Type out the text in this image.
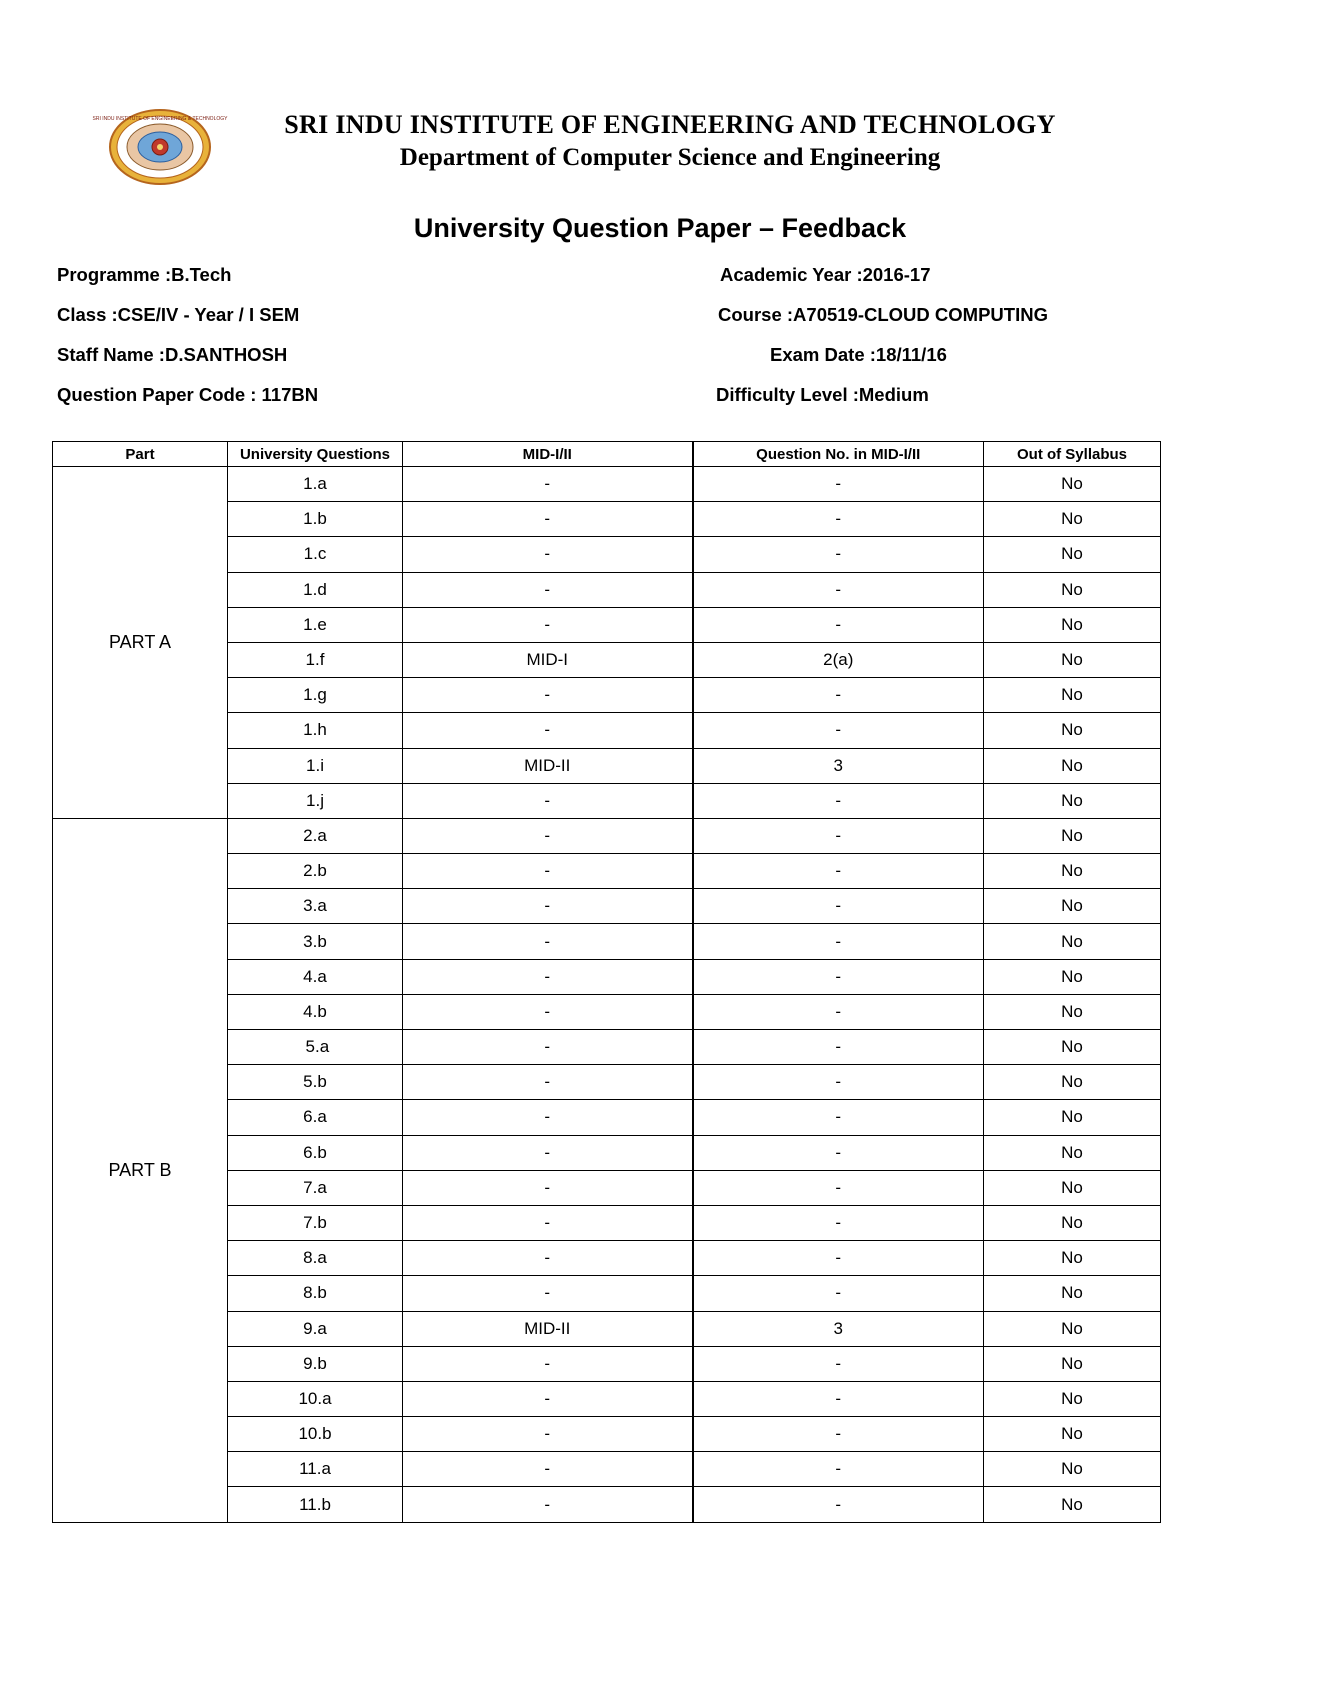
SRI INDU INSTITUTE OF ENGINEERING & TECHNOLOGY	SRI INDU INSTITUTE OF ENGINEERING AND TECHNOLOGY
Department of Computer Science and Engineering
University Question Paper – Feedback
Programme :B.Tech
Class :CSE/IV - Year / I SEM
Staff Name :D.SANTHOSH
Question Paper Code : 117BN
Academic Year :2016-17
Course :A70519-CLOUD COMPUTING
Exam Date :18/11/16
Difficulty Level :Medium
Part	University Questions	MID-I/II	Question No. in MID-I/II	Out of Syllabus
PART A	1.a	-	-	No
	1.b	-	-	No
	1.c	-	-	No
	1.d	-	-	No
	1.e	-	-	No
	1.f	MID-I	2(a)	No
	1.g	-	-	No
	1.h	-	-	No
	1.i	MID-II	3	No
	1.j	-	-	No
PART B	2.a	-	-	No
	2.b	-	-	No
	3.a	-	-	No
	3.b	-	-	No
	4.a	-	-	No
	4.b	-	-	No
	5.a	-	-	No
	5.b	-	-	No
	6.a	-	-	No
	6.b	-	-	No
	7.a	-	-	No
	7.b	-	-	No
	8.a	-	-	No
	8.b	-	-	No
	9.a	MID-II	3	No
	9.b	-	-	No
	10.a	-	-	No
	10.b	-	-	No
	11.a	-	-	No
	11.b	-	-	No
